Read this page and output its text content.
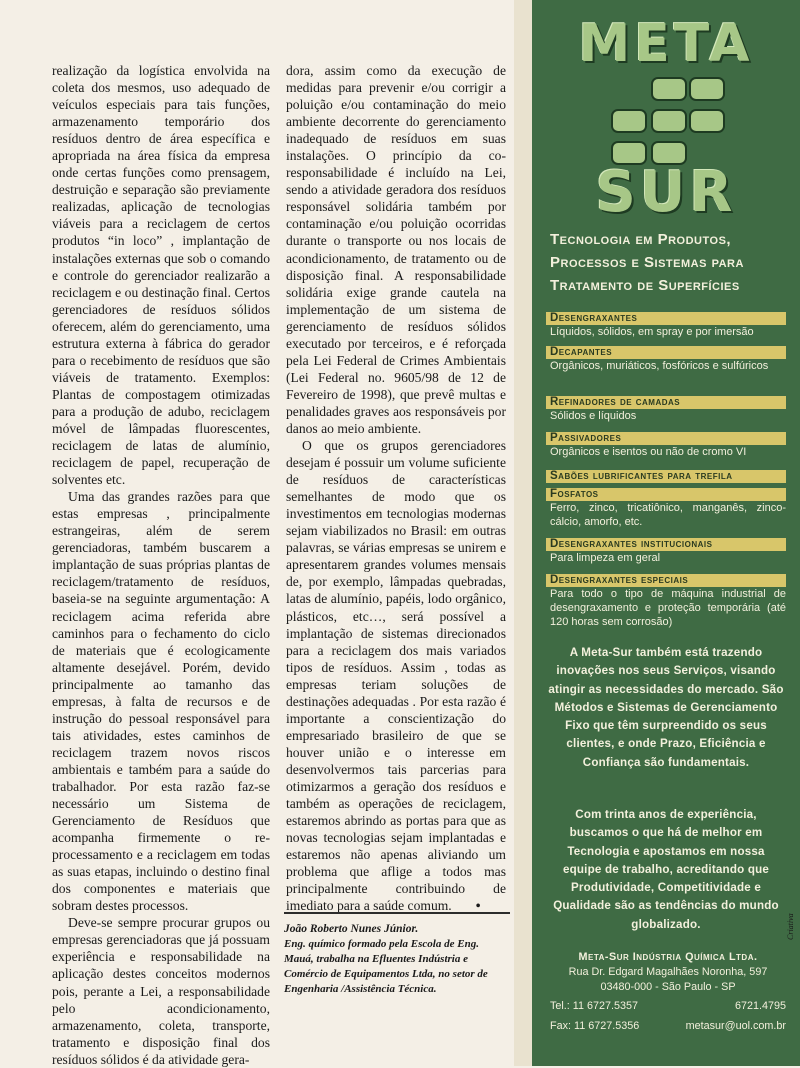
realização da logística envolvida na coleta dos mesmos, uso adequado de veículos especiais para tais funções, armazenamento temporário dos resíduos dentro de área específica e apropriada na área física da empresa onde certas funções como prensagem, destruição e separação são previamente realizadas, aplicação de tecnologias viáveis para a reciclagem de certos produtos “in loco” , implantação de instalações externas que sob o comando e controle do gerenciador realizarão a reciclagem e ou destinação final. Certos gerenciadores de resíduos sólidos oferecem, além do gerenciamento, uma estrutura externa à fábrica do gerador para o recebimento de resíduos que são viáveis de tratamento. Exemplos: Plantas de compostagem otimizadas para a produção de adubo, reciclagem móvel de lâmpadas fluorescentes, reciclagem de latas de alumínio, reciclagem de papel, recuperação de solventes etc.

Uma das grandes razões para que estas empresas , principalmente estrangeiras, além de serem gerenciadoras, também buscarem a implantação de suas próprias plantas de reciclagem/tratamento de resíduos, baseia-se na seguinte argumentação: A reciclagem acima referida abre caminhos para o fechamento do ciclo de materiais que é ecologicamente altamente desejável. Porém, devido principalmente ao tamanho das empresas, à falta de recursos e de instrução do pessoal responsável para tais atividades, estes caminhos de reciclagem trazem novos riscos ambientais e também para a saúde do trabalhador. Por esta razão faz-se necessário um Sistema de Gerenciamento de Resíduos que acompanha firmemente o re-processamento e a reciclagem em todas as suas etapas, incluindo o destino final dos componentes e materiais que sobram destes processos.

Deve-se sempre procurar grupos ou empresas gerenciadoras que já possuam experiência e responsabilidade na aplicação destes conceitos modernos pois, perante a Lei, a responsabilidade pelo acondicionamento, armazenamento, coleta, transporte, tratamento e disposição final dos resíduos sólidos é da atividade gera-

dora, assim como da execução de medidas para prevenir e/ou corrigir a poluição e/ou contaminação do meio ambiente decorrente do gerenciamento inadequado de resíduos em suas instalações. O princípio da co-responsabilidade é incluído na Lei, sendo a atividade geradora dos resíduos responsável solidária também por contaminação e/ou poluição ocorridas durante o transporte ou nos locais de acondicionamento, de tratamento ou de disposição final. A responsabilidade solidária exige grande cautela na implementação de um sistema de gerenciamento de resíduos sólidos executado por terceiros, e é reforçada pela Lei Federal de Crimes Ambientais (Lei Federal no. 9605/98 de 12 de Fevereiro de 1998), que prevê multas e penalidades graves aos responsáveis por danos ao meio ambiente.

O que os grupos gerenciadores desejam é possuir um volume suficiente de resíduos de características semelhantes de modo que os investimentos em tecnologias modernas sejam viabilizados no Brasil: em outras palavras, se várias empresas se unirem e apresentarem grandes volumes mensais de, por exemplo, lâmpadas quebradas, latas de alumínio, papéis, lodo orgânico, plásticos, etc…, será possível a implantação de sistemas direcionados para a reciclagem dos mais variados tipos de resíduos. Assim , todas as empresas teriam soluções de destinações adequadas . Por esta razão é importante a conscientização do empresariado brasileiro de que se houver união e o interesse em desenvolvermos tais parcerias para otimizarmos a geração dos resíduos e também as operações de reciclagem, estaremos abrindo as portas para que as novas tecnologias sejam implantadas e estaremos não apenas aliviando um problema que aflige a todos mas principalmente contribuindo de imediato para a saúde comum. •

João Roberto Nunes Júnior.
Eng. químico formado pela Escola de Eng. Mauá, trabalha na Efluentes Indústria e Comércio de Equipamentos Ltda, no setor de Engenharia /Assistência Técnica.
META
SUR
Tecnologia em Produtos, Processos e Sistemas para Tratamento de Superfícies
Desengraxantes
Líquidos, sólidos, em spray e por imersão
Decapantes
Orgânicos, muriáticos, fosfóricos e sulfúricos
Refinadores de camadas
Sólidos e líquidos
Passivadores
Orgânicos e isentos ou não de cromo VI
Sabões lubrificantes para trefila
Fosfatos
Ferro, zinco, tricatiônico, manganês, zinco-cálcio, amorfo, etc.
Desengraxantes institucionais
Para limpeza em geral
Desengraxantes especiais
Para todo o tipo de máquina industrial de desengraxamento e proteção temporária (até 120 horas sem corrosão)
A Meta-Sur também está trazendo inovações nos seus Serviços, visando atingir as necessidades do mercado. São Métodos e Sistemas de Gerenciamento Fixo que têm surpreendido os seus clientes, e onde Prazo, Eficiência e Confiança são fundamentais.
Com trinta anos de experiência, buscamos o que há de melhor em Tecnologia e apostamos em nossa equipe de trabalho, acreditando que Produtividade, Competitividade e Qualidade são as tendências do mundo globalizado.
Meta-Sur Indústria Química Ltda.
Rua Dr. Edgard Magalhães Noronha, 597
03480-000 - São Paulo - SP
Tel.: 11 6727.5357	6721.4795
Fax: 11 6727.5356	metasur@uol.com.br
Criativa
